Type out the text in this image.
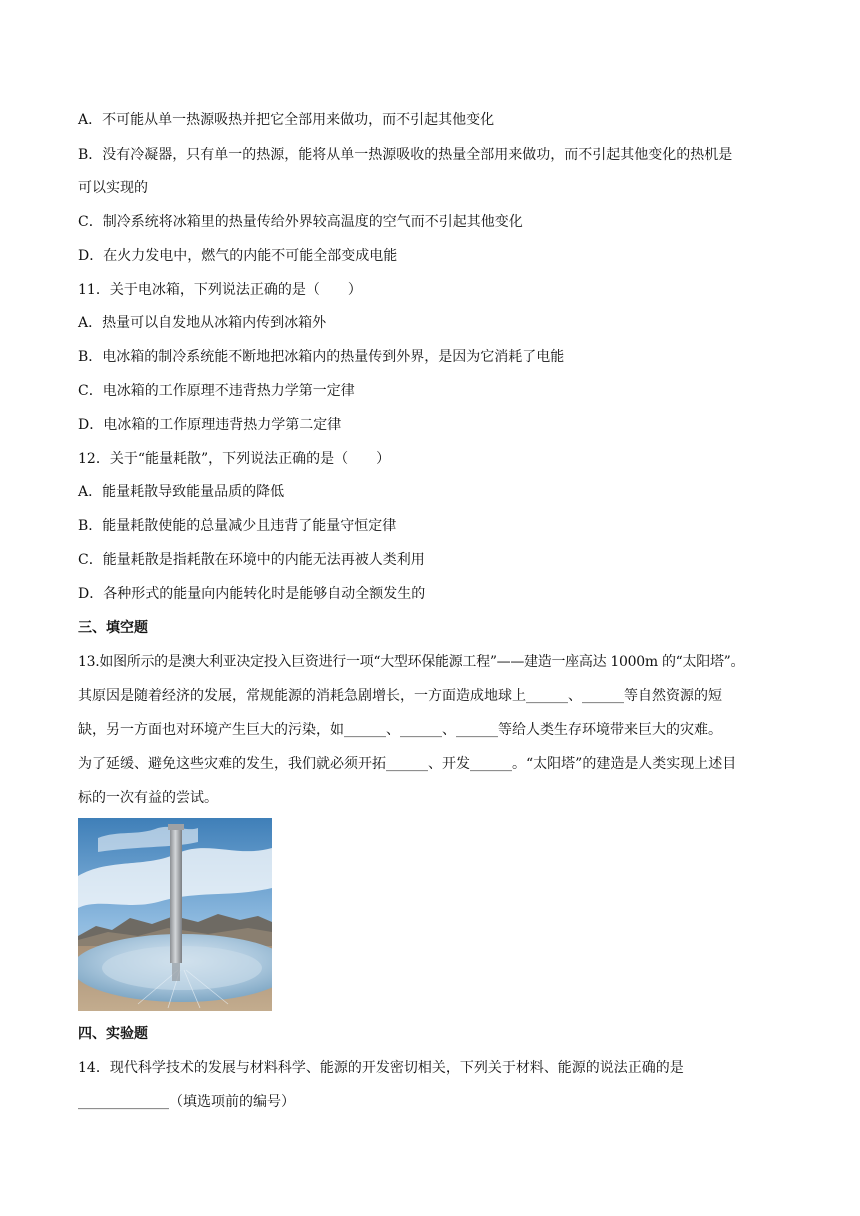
A．不可能从单一热源吸热并把它全部用来做功，而不引起其他变化
B．没有冷凝器，只有单一的热源，能将从单一热源吸收的热量全部用来做功，而不引起其他变化的热机是
可以实现的
C．制冷系统将冰箱里的热量传给外界较高温度的空气而不引起其他变化
D．在火力发电中，燃气的内能不可能全部变成电能
11．关于电冰箱，下列说法正确的是（　　）
A．热量可以自发地从冰箱内传到冰箱外
B．电冰箱的制冷系统能不断地把冰箱内的热量传到外界，是因为它消耗了电能
C．电冰箱的工作原理不违背热力学第一定律
D．电冰箱的工作原理违背热力学第二定律
12．关于“能量耗散”，下列说法正确的是（　　）
A．能量耗散导致能量品质的降低
B．能量耗散使能的总量减少且违背了能量守恒定律
C．能量耗散是指耗散在环境中的内能无法再被人类利用
D．各种形式的能量向内能转化时是能够自动全额发生的
三、填空题
13.如图所示的是澳大利亚决定投入巨资进行一项“大型环保能源工程”——建造一座高达 1000m 的“太阳塔”。
其原因是随着经济的发展，常规能源的消耗急剧增长，一方面造成地球上______、______等自然资源的短
缺，另一方面也对环境产生巨大的污染，如______、______、______等给人类生存环境带来巨大的灾难。
为了延缓、避免这些灾难的发生，我们就必须开拓______、开发______。“太阳塔”的建造是人类实现上述目
标的一次有益的尝试。
四、实验题
14．现代科学技术的发展与材料科学、能源的开发密切相关，下列关于材料、能源的说法正确的是
_____________（填选项前的编号）
